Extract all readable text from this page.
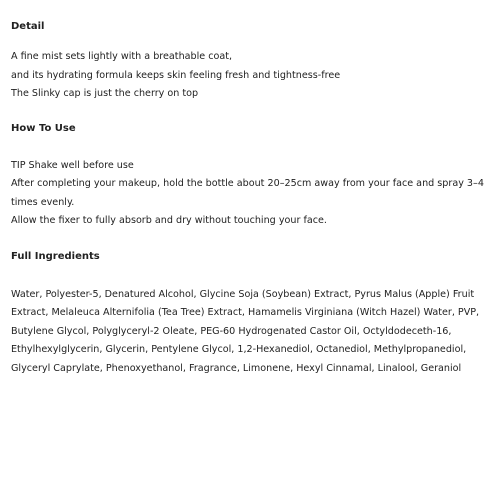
Detail

A fine mist sets lightly with a breathable coat,

and its hydrating formula keeps skin feeling fresh and tightness-free

The Slinky cap is just the cherry on top

How To Use

TIP Shake well before use

After completing your makeup, hold the bottle about 20–25cm away from your face and spray 3–4 times evenly.

Allow the fixer to fully absorb and dry without touching your face.

Full Ingredients

Water, Polyester-5, Denatured Alcohol, Glycine Soja (Soybean) Extract, Pyrus Malus (Apple) Fruit Extract, Melaleuca Alternifolia (Tea Tree) Extract, Hamamelis Virginiana (Witch Hazel) Water, PVP, Butylene Glycol, Polyglyceryl-2 Oleate, PEG-60 Hydrogenated Castor Oil, Octyldodeceth-16, Ethylhexylglycerin, Glycerin, Pentylene Glycol, 1,2-Hexanediol, Octanediol, Methylpropanediol, Glyceryl Caprylate, Phenoxyethanol, Fragrance, Limonene, Hexyl Cinnamal, Linalool, Geraniol
